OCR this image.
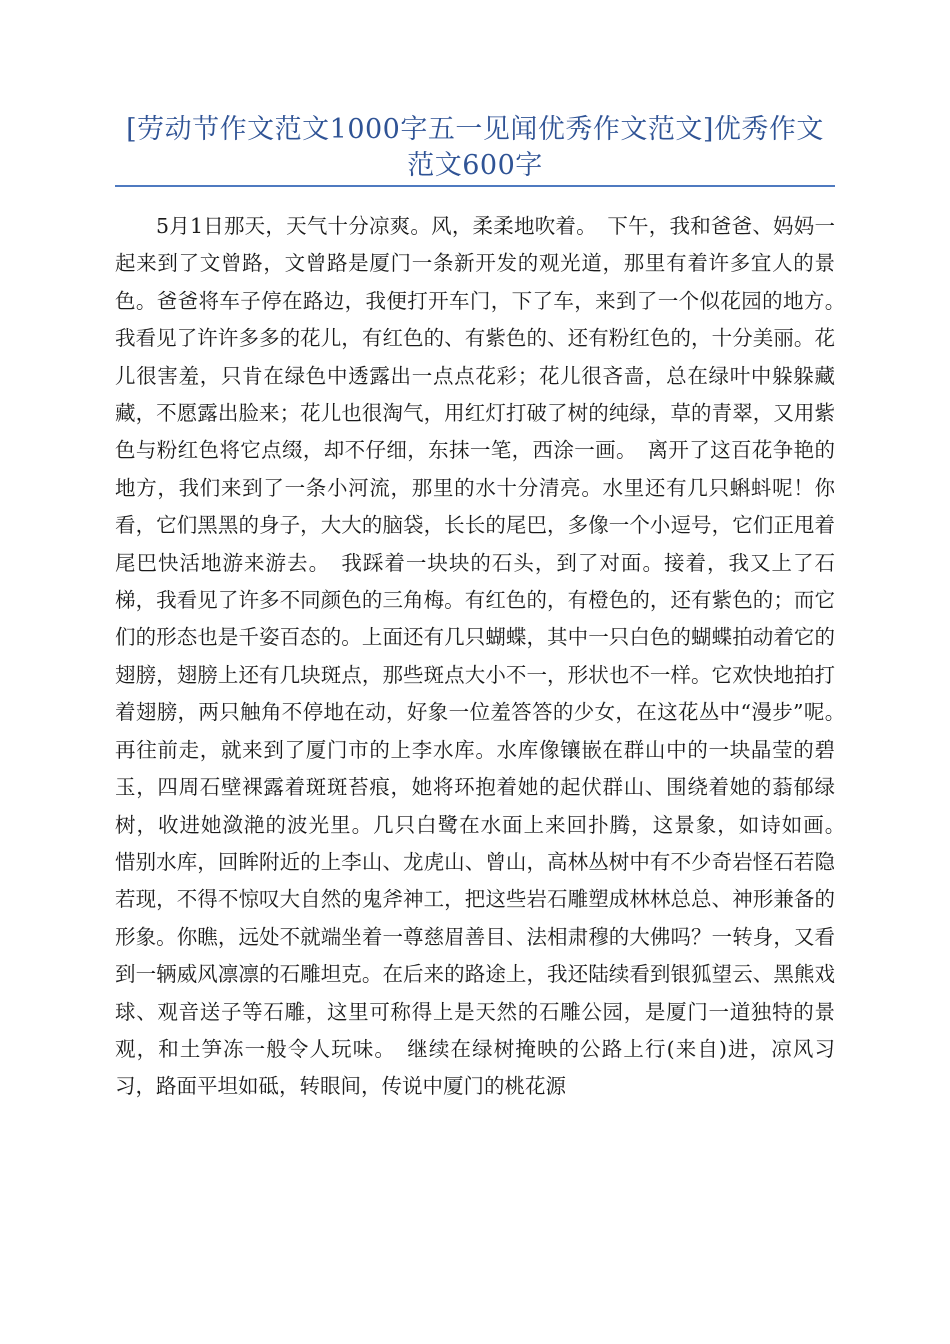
[劳动节作文范文1000字五一见闻优秀作文范文]优秀作文范文600字

5月1日那天，天气十分凉爽。风，柔柔地吹着。　下午，我和爸爸、妈妈一起来到了文曾路，文曾路是厦门一条新开发的观光道，那里有着许多宜人的景色。爸爸将车子停在路边，我便打开车门，下了车，来到了一个似花园的地方。　我看见了许许多多的花儿，有红色的、有紫色的、还有粉红色的，十分美丽。花儿很害羞，只肯在绿色中透露出一点点花彩；花儿很吝啬，总在绿叶中躲躲藏藏，不愿露出脸来；花儿也很淘气，用红灯打破了树的纯绿，草的青翠，又用紫色与粉红色将它点缀，却不仔细，东抹一笔，西涂一画。　离开了这百花争艳的地方，我们来到了一条小河流，那里的水十分清亮。水里还有几只蝌蚪呢！你看，它们黑黑的身子，大大的脑袋，长长的尾巴，多像一个小逗号，它们正甩着尾巴快活地游来游去。　我踩着一块块的石头，到了对面。接着，我又上了石梯，我看见了许多不同颜色的三角梅。有红色的，有橙色的，还有紫色的；而它们的形态也是千姿百态的。上面还有几只蝴蝶，其中一只白色的蝴蝶拍动着它的翅膀，翅膀上还有几块斑点，那些斑点大小不一，形状也不一样。它欢快地拍打着翅膀，两只触角不停地在动，好象一位羞答答的少女，在这花丛中“漫步”呢。　再往前走，就来到了厦门市的上李水库。水库像镶嵌在群山中的一块晶莹的碧玉，四周石壁裸露着斑斑苔痕，她将环抱着她的起伏群山、围绕着她的蓊郁绿树，收进她潋滟的波光里。几只白鹭在水面上来回扑腾，这景象，如诗如画。　惜别水库，回眸附近的上李山、龙虎山、曾山，高林丛树中有不少奇岩怪石若隐若现，不得不惊叹大自然的鬼斧神工，把这些岩石雕塑成林林总总、神形兼备的形象。你瞧，远处不就端坐着一尊慈眉善目、法相肃穆的大佛吗？一转身，又看到一辆威风凛凛的石雕坦克。在后来的路途上，我还陆续看到银狐望云、黑熊戏球、观音送子等石雕，这里可称得上是天然的石雕公园，是厦门一道独特的景观，和土笋冻一般令人玩味。　继续在绿树掩映的公路上行(来自)进，凉风习习，路面平坦如砥，转眼间，传说中厦门的桃花源
